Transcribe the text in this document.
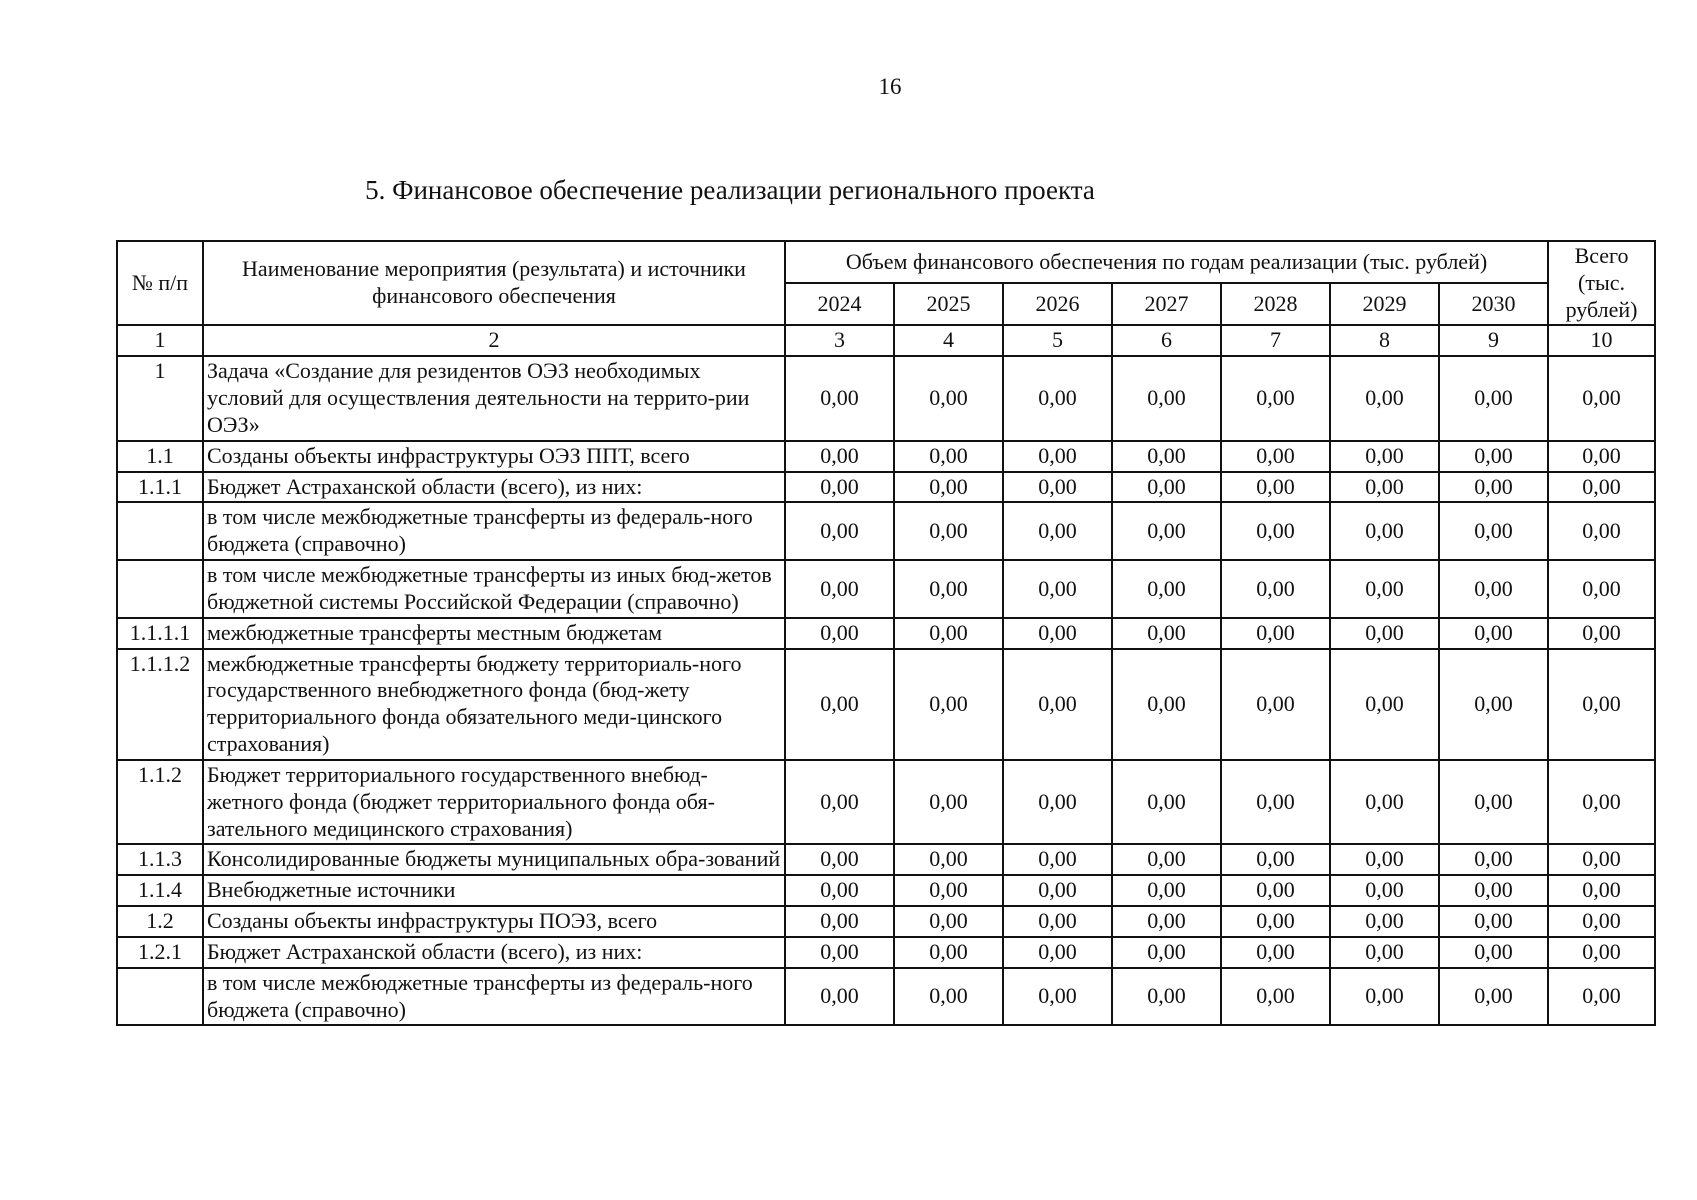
16
5. Финансовое обеспечение реализации регионального проекта
№ п/п	Наименование мероприятия (результата) и источники финансового обеспечения	Объем финансового обеспечения по годам реализации (тыс. рублей)							Всего (тыс. рублей)
		2024	2025	2026	2027	2028	2029	2030	
1	2	3	4	5	6	7	8	9	10
1	Задача «Создание для резидентов ОЭЗ необходимых условий для осуществления деятельности на террито-рии ОЭЗ»	0,00	0,00	0,00	0,00	0,00	0,00	0,00	0,00
1.1	Созданы объекты инфраструктуры ОЭЗ ППТ, всего	0,00	0,00	0,00	0,00	0,00	0,00	0,00	0,00
1.1.1	Бюджет Астраханской области (всего), из них:	0,00	0,00	0,00	0,00	0,00	0,00	0,00	0,00
	в том числе межбюджетные трансферты из федераль-ного бюджета (справочно)	0,00	0,00	0,00	0,00	0,00	0,00	0,00	0,00
	в том числе межбюджетные трансферты из иных бюд-жетов бюджетной системы Российской Федерации (справочно)	0,00	0,00	0,00	0,00	0,00	0,00	0,00	0,00
1.1.1.1	межбюджетные трансферты местным бюджетам	0,00	0,00	0,00	0,00	0,00	0,00	0,00	0,00
1.1.1.2	межбюджетные трансферты бюджету территориаль-ного государственного внебюджетного фонда (бюд-жету территориального фонда обязательного меди-цинского страхования)	0,00	0,00	0,00	0,00	0,00	0,00	0,00	0,00
1.1.2	Бюджет территориального государственного внебюд-жетного фонда (бюджет территориального фонда обя-зательного медицинского страхования)	0,00	0,00	0,00	0,00	0,00	0,00	0,00	0,00
1.1.3	Консолидированные бюджеты муниципальных обра-зований	0,00	0,00	0,00	0,00	0,00	0,00	0,00	0,00
1.1.4	Внебюджетные источники	0,00	0,00	0,00	0,00	0,00	0,00	0,00	0,00
1.2	Созданы объекты инфраструктуры ПОЭЗ, всего	0,00	0,00	0,00	0,00	0,00	0,00	0,00	0,00
1.2.1	Бюджет Астраханской области (всего), из них:	0,00	0,00	0,00	0,00	0,00	0,00	0,00	0,00
	в том числе межбюджетные трансферты из федераль-ного бюджета (справочно)	0,00	0,00	0,00	0,00	0,00	0,00	0,00	0,00
